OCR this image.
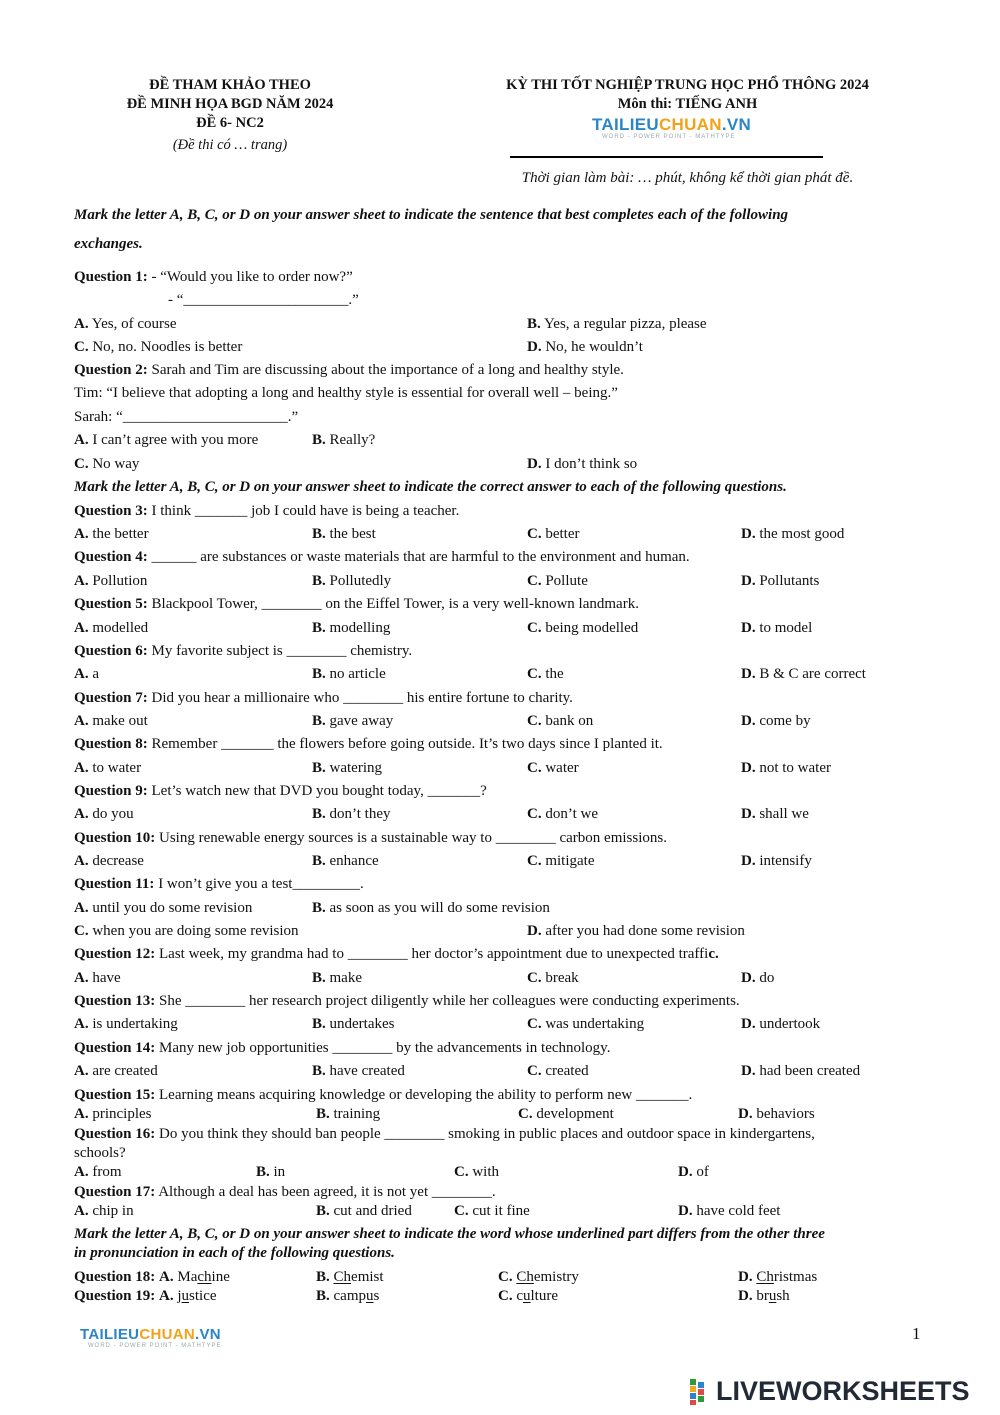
ĐỀ THAM KHẢO THEO
ĐỀ MINH HỌA BGD NĂM 2024
ĐỀ 6- NC2
(Đề thi có … trang)
KỲ THI TỐT NGHIỆP TRUNG HỌC PHỔ THÔNG 2024
Môn thi: TIẾNG ANH
TAILIEUCHUAN.VN
WORD - POWER POINT - MATHTYPE
Thời gian làm bài: … phút, không kể thời gian phát đề.
Mark the letter A, B, C, or D on your answer sheet to indicate the sentence that best completes each of the following
exchanges.
Question 1: - “Would you like to order now?”
- “______________________.”
A. Yes, of course	B. Yes, a regular pizza, please
C. No, no. Noodles is better	D. No, he wouldn’t
Question 2: Sarah and Tim are discussing about the importance of a long and healthy style.
Tim: “I believe that adopting a long and healthy style is essential for overall well – being.”
Sarah: “______________________.”
A. I can’t agree with you more	B. Really?
C. No way	D. I don’t think so
Mark the letter A, B, C, or D on your answer sheet to indicate the correct answer to each of the following questions.
Question 3: I think _______ job I could have is being a teacher.
A. the better	B. the best	C. better	D. the most good
Question 4: ______ are substances or waste materials that are harmful to the environment and human.
A. Pollution	B. Pollutedly	C. Pollute	D. Pollutants
Question 5: Blackpool Tower, ________ on the Eiffel Tower, is a very well-known landmark.
A. modelled	B. modelling	C. being modelled	D. to model
Question 6: My favorite subject is ________ chemistry.
A. a	B. no article	C. the	D. B & C are correct
Question 7: Did you hear a millionaire who ________ his entire fortune to charity.
A. make out	B. gave away	C. bank on	D. come by
Question 8: Remember _______ the flowers before going outside. It’s two days since I planted it.
A. to water	B. watering	C. water	D. not to water
Question 9: Let’s watch new that DVD you bought today, _______?
A. do you	B. don’t they	C. don’t we	D. shall we
Question 10: Using renewable energy sources is a sustainable way to ________ carbon emissions.
A. decrease	B. enhance	C. mitigate	D. intensify
Question 11: I won’t give you a test_________.
A. until you do some revision	B. as soon as you will do some revision
C. when you are doing some revision	D. after you had done some revision
Question 12: Last week, my grandma had to ________ her doctor’s appointment due to unexpected traffic.
A. have	B. make	C. break	D. do
Question 13: She ________ her research project diligently while her colleagues were conducting experiments.
A. is undertaking	B. undertakes	C. was undertaking	D. undertook
Question 14: Many new job opportunities ________ by the advancements in technology.
A. are created	B. have created	C. created	D. had been created
Question 15: Learning means acquiring knowledge or developing the ability to perform new _______.
A. principles	B. training	C. development	D. behaviors
Question 16: Do you think they should ban people ________ smoking in public places and outdoor space in kindergartens,
schools?
A. from	B. in	C. with	D. of
Question 17: Although a deal has been agreed, it is not yet ________.
A. chip in	B. cut and dried	C. cut it fine	D. have cold feet
Mark the letter A, B, C, or D on your answer sheet to indicate the word whose underlined part differs from the other three
in pronunciation in each of the following questions.
Question 18: A. Machine	B. Chemist	C. Chemistry	D. Christmas
Question 19: A. justice	B. campus	C. culture	D. brush
TAILIEUCHUAN.VN
WORD - POWER POINT - MATHTYPE
1
LIVEWORKSHEETS
